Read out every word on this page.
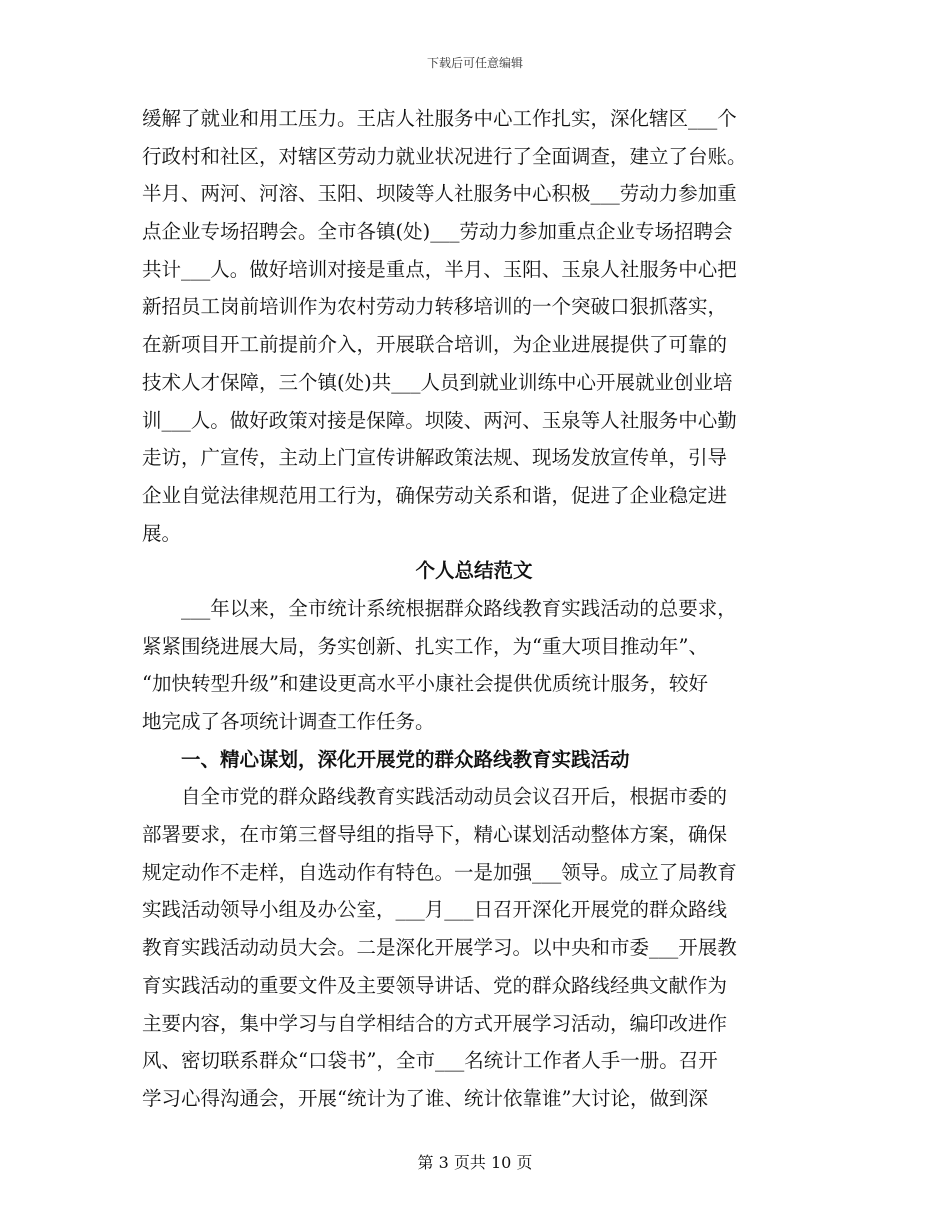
下载后可任意编辑
缓解了就业和用工压力。王店人社服务中心工作扎实，深化辖区___个
行政村和社区，对辖区劳动力就业状况进行了全面调查，建立了台账。
半月、两河、河溶、玉阳、坝陵等人社服务中心积极___劳动力参加重
点企业专场招聘会。全市各镇(处)___劳动力参加重点企业专场招聘会
共计___人。做好培训对接是重点，半月、玉阳、玉泉人社服务中心把
新招员工岗前培训作为农村劳动力转移培训的一个突破口狠抓落实，
在新项目开工前提前介入，开展联合培训，为企业进展提供了可靠的
技术人才保障，三个镇(处)共___人员到就业训练中心开展就业创业培
训___人。做好政策对接是保障。坝陵、两河、玉泉等人社服务中心勤
走访，广宣传，主动上门宣传讲解政策法规、现场发放宣传单，引导
企业自觉法律规范用工行为，确保劳动关系和谐，促进了企业稳定进
展。
个人总结范文
___年以来，全市统计系统根据群众路线教育实践活动的总要求，
紧紧围绕进展大局，务实创新、扎实工作，为“重大项目推动年”、
“加快转型升级”和建设更高水平小康社会提供优质统计服务，较好
地完成了各项统计调查工作任务。
一、精心谋划，深化开展党的群众路线教育实践活动
自全市党的群众路线教育实践活动动员会议召开后，根据市委的
部署要求，在市第三督导组的指导下，精心谋划活动整体方案，确保
规定动作不走样，自选动作有特色。一是加强___领导。成立了局教育
实践活动领导小组及办公室，___月___日召开深化开展党的群众路线
教育实践活动动员大会。二是深化开展学习。以中央和市委___开展教
育实践活动的重要文件及主要领导讲话、党的群众路线经典文献作为
主要内容，集中学习与自学相结合的方式开展学习活动，编印改进作
风、密切联系群众“口袋书”，全市___名统计工作者人手一册。召开
学习心得沟通会，开展“统计为了谁、统计依靠谁”大讨论，做到深
第 3 页共 10 页
